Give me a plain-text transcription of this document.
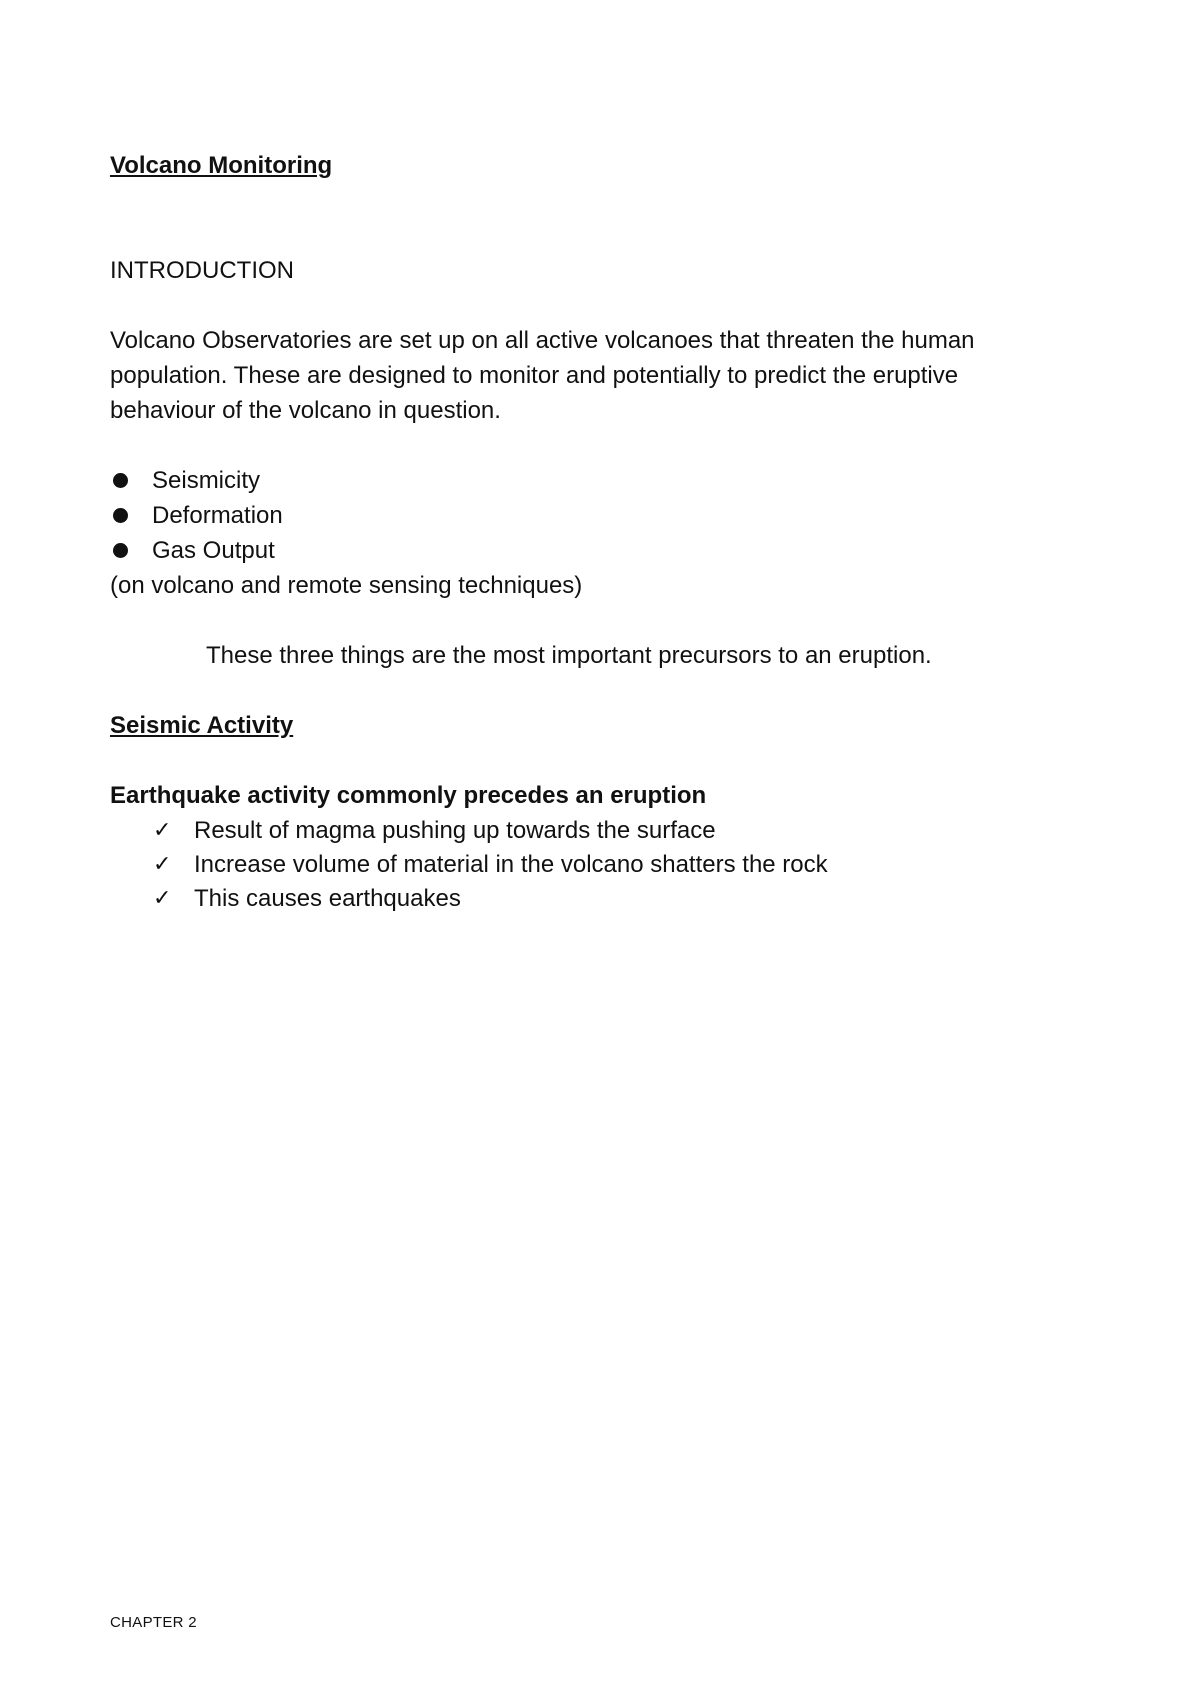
Volcano Monitoring

INTRODUCTION

Volcano Observatories are set up on all active volcanoes that threaten the human

population. These are designed to monitor and potentially to predict the eruptive

behaviour of the volcano in question.

Seismicity
Deformation
Gas Output

(on volcano and remote sensing techniques)

These three things are the most important precursors to an eruption.

Seismic Activity

Earthquake activity commonly precedes an eruption

✓ Result of magma pushing up towards the surface
✓ Increase volume of material in the volcano shatters the rock
✓ This causes earthquakes
CHAPTER 2
